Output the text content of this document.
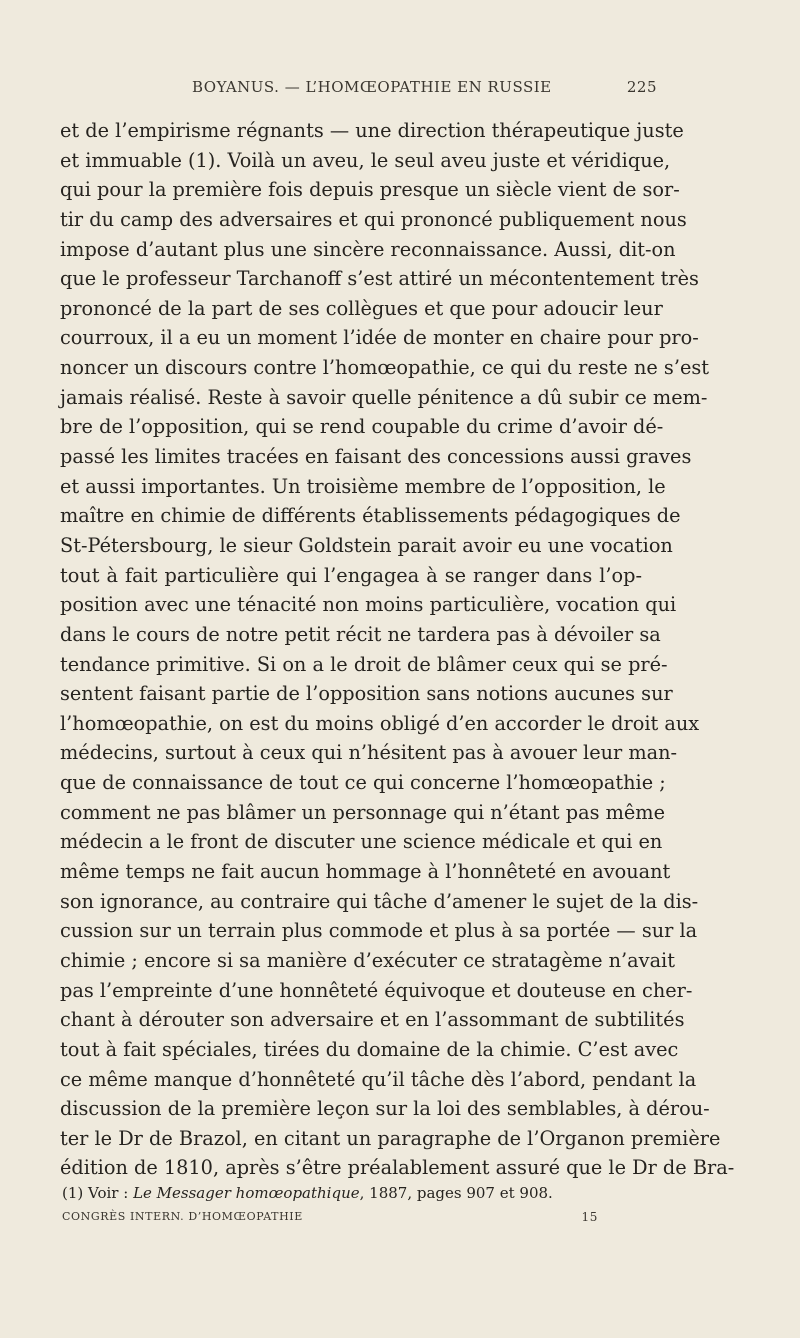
BOYANUS. — L’HOMŒOPATHIE EN RUSSIE	225
et de l’empirisme régnants — une direction thérapeutique juste
et immuable (1). Voilà un aveu, le seul aveu juste et véridique,
qui pour la première fois depuis presque un siècle vient de sor-
tir du camp des adversaires et qui prononcé publiquement nous
impose d’autant plus une sincère reconnaissance. Aussi, dit-on
que le professeur Tarchanoff s’est attiré un mécontentement très
prononcé de la part de ses collègues et que pour adoucir leur
courroux, il a eu un moment l’idée de monter en chaire pour pro-
noncer un discours contre l’homœopathie, ce qui du reste ne s’est
jamais réalisé. Reste à savoir quelle pénitence a dû subir ce mem-
bre de l’opposition, qui se rend coupable du crime d’avoir dé-
passé les limites tracées en faisant des concessions aussi graves
et aussi importantes. Un troisième membre de l’opposition, le
maître en chimie de différents établissements pédagogiques de
St-Pétersbourg, le sieur Goldstein parait avoir eu une vocation
tout à fait particulière qui l’engagea à se ranger dans l’op-
position avec une ténacité non moins particulière, vocation qui
dans le cours de notre petit récit ne tardera pas à dévoiler sa
tendance primitive. Si on a le droit de blâmer ceux qui se pré-
sentent faisant partie de l’opposition sans notions aucunes sur
l’homœopathie, on est du moins obligé d’en accorder le droit aux
médecins, surtout à ceux qui n’hésitent pas à avouer leur man-
que de connaissance de tout ce qui concerne l’homœopathie ;
comment ne pas blâmer un personnage qui n’étant pas même
médecin a le front de discuter une science médicale et qui en
même temps ne fait aucun hommage à l’honnêteté en avouant
son ignorance, au contraire qui tâche d’amener le sujet de la dis-
cussion sur un terrain plus commode et plus à sa portée — sur la
chimie ; encore si sa manière d’exécuter ce stratagème n’avait
pas l’empreinte d’une honnêteté équivoque et douteuse en cher-
chant à dérouter son adversaire et en l’assommant de subtilités
tout à fait spéciales, tirées du domaine de la chimie. C’est avec
ce même manque d’honnêteté qu’il tâche dès l’abord, pendant la
discussion de la première leçon sur la loi des semblables, à dérou-
ter le Dr de Brazol, en citant un paragraphe de l’Organon première
édition de 1810, après s’être préalablement assuré que le Dr de Bra-
(1) Voir : Le Messager homœopathique, 1887, pages 907 et 908.
CONGRÈS INTERN. D’HOMŒOPATHIE	15
